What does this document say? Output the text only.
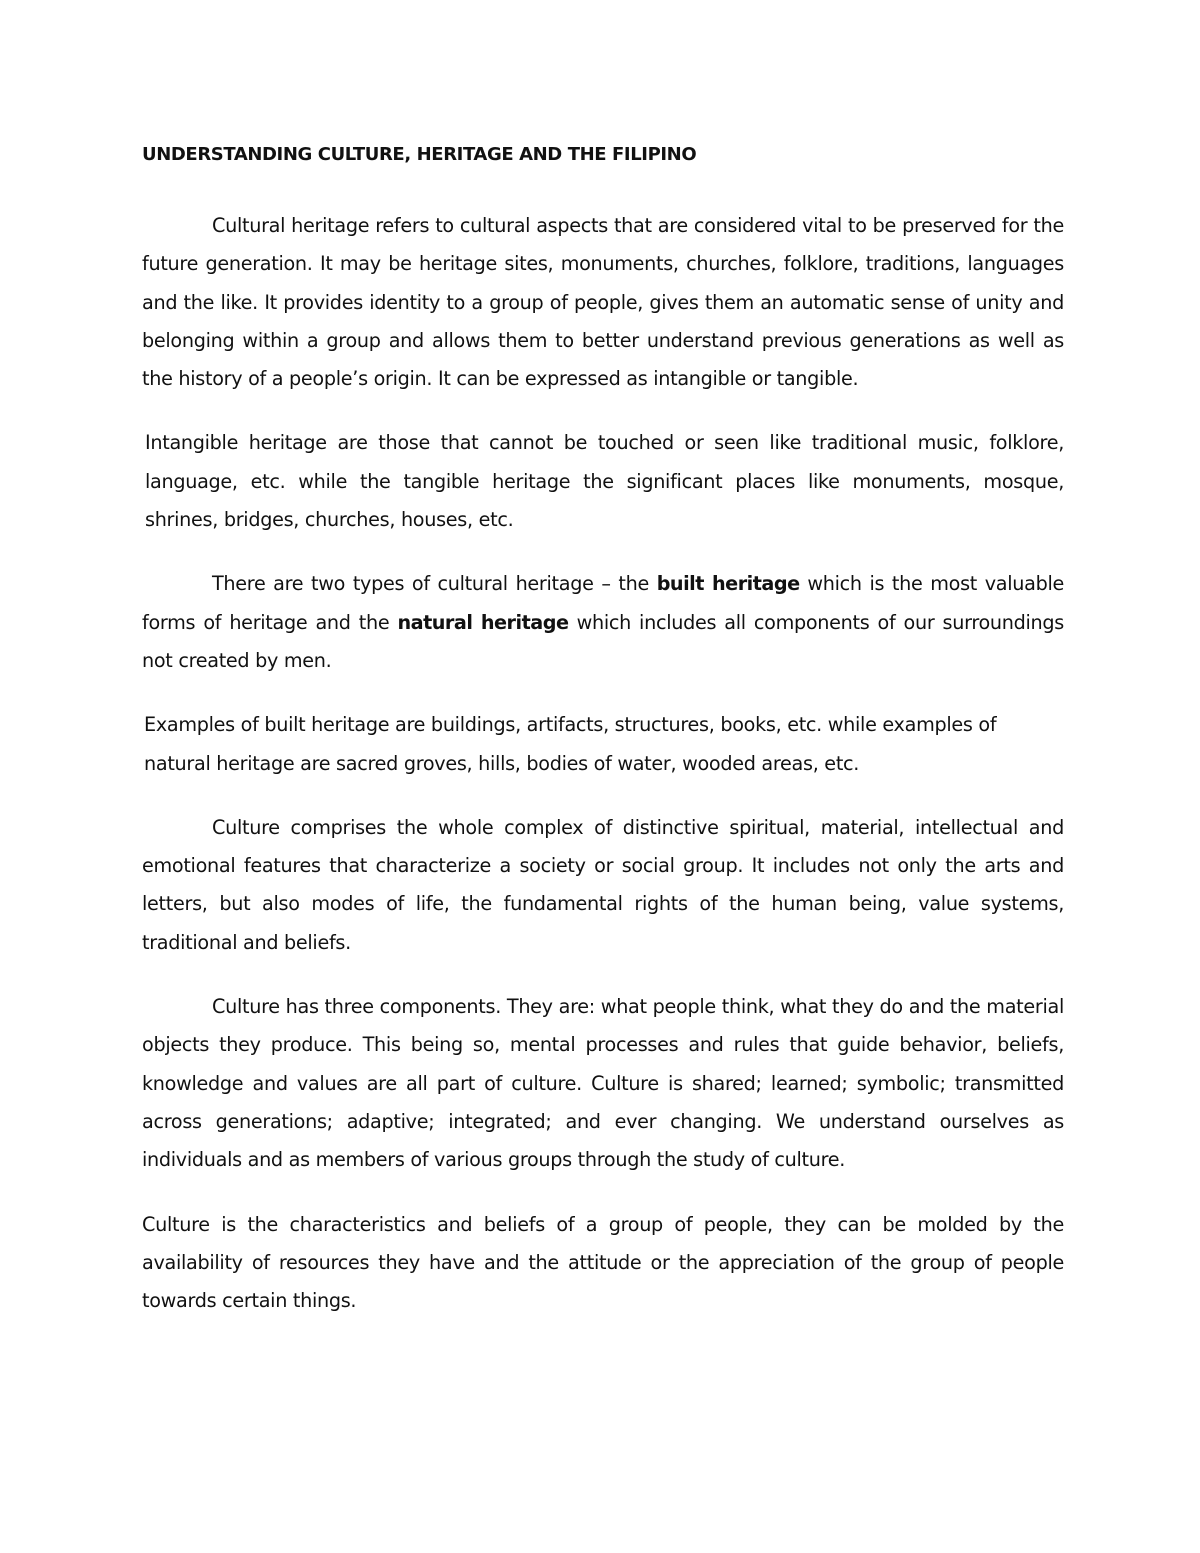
UNDERSTANDING CULTURE, HERITAGE AND THE FILIPINO

Cultural heritage refers to cultural aspects that are considered vital to be preserved for the future generation. It may be heritage sites, monuments, churches, folklore, traditions, languages and the like. It provides identity to a group of people, gives them an automatic sense of unity and belonging within a group and allows them to better understand previous generations as well as the history of a people’s origin. It can be expressed as intangible or tangible.

Intangible heritage are those that cannot be touched or seen like traditional music, folklore, language, etc. while the tangible heritage the significant places like monuments, mosque, shrines, bridges, churches, houses, etc.

There are two types of cultural heritage – the built heritage which is the most valuable forms of heritage and the natural heritage which includes all components of our surroundings not created by men.

Examples of built heritage are buildings, artifacts, structures, books, etc. while examples of natural heritage are sacred groves, hills, bodies of water, wooded areas, etc.

Culture comprises the whole complex of distinctive spiritual, material, intellectual and emotional features that characterize a society or social group. It includes not only the arts and letters, but also modes of life, the fundamental rights of the human being, value systems, traditional and beliefs.

Culture has three components. They are: what people think, what they do and the material objects they produce. This being so, mental processes and rules that guide behavior, beliefs, knowledge and values are all part of culture. Culture is shared; learned; symbolic; transmitted across generations; adaptive; integrated; and ever changing. We understand ourselves as individuals and as members of various groups through the study of culture.

Culture is the characteristics and beliefs of a group of people, they can be molded by the availability of resources they have and the attitude or the appreciation of the group of people towards certain things.
